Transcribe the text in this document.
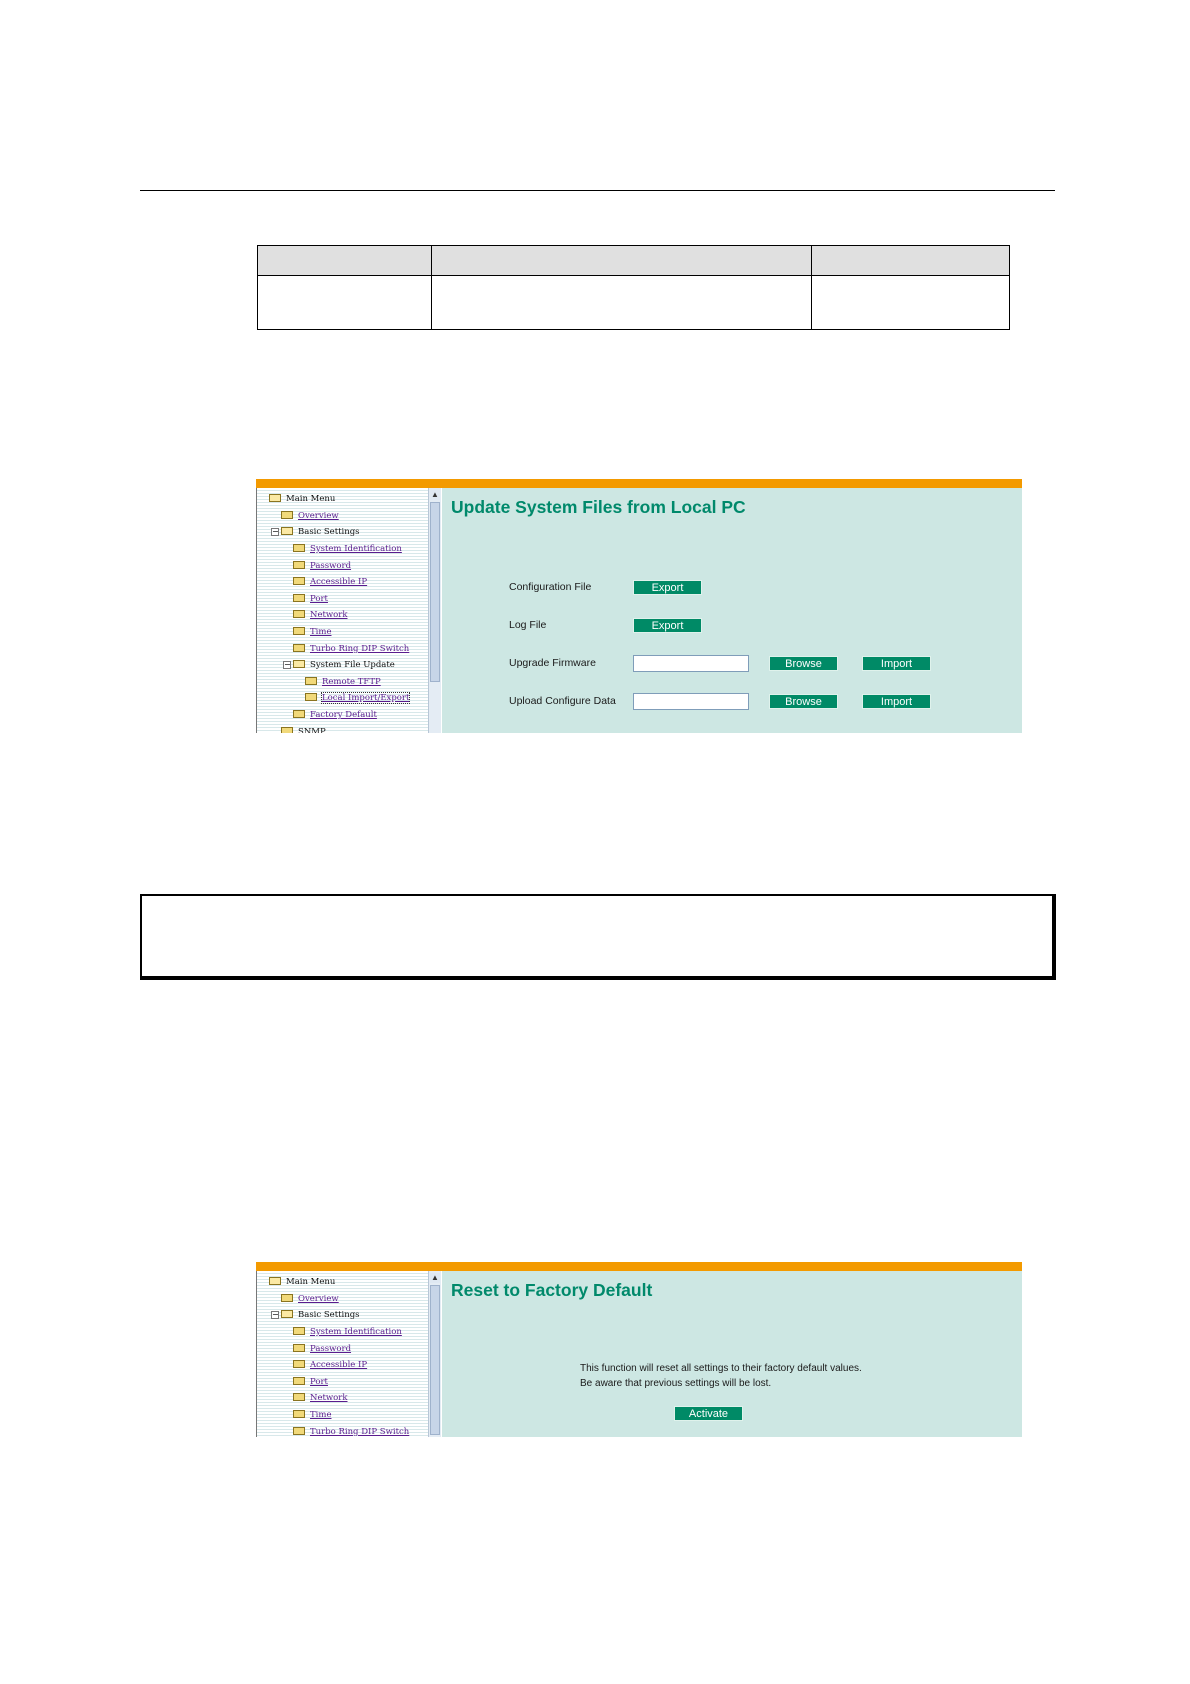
Main Menu
Overview
− Basic Settings
System Identification
Password
Accessible IP
Port
Network
Time
Turbo Ring DIP Switch
− System File Update
Remote TFTP
Local Import/Export
Factory Default
SNMP
▲
Update System Files from Local PC
Configuration File	Export
Log File	Export
Upgrade Firmware	Browse	Import
Upload Configure Data	Browse	Import
Main Menu
Overview
− Basic Settings
System Identification
Password
Accessible IP
Port
Network
Time
Turbo Ring DIP Switch
▲
Reset to Factory Default
This function will reset all settings to their factory default values.
Be aware that previous settings will be lost.
Activate
